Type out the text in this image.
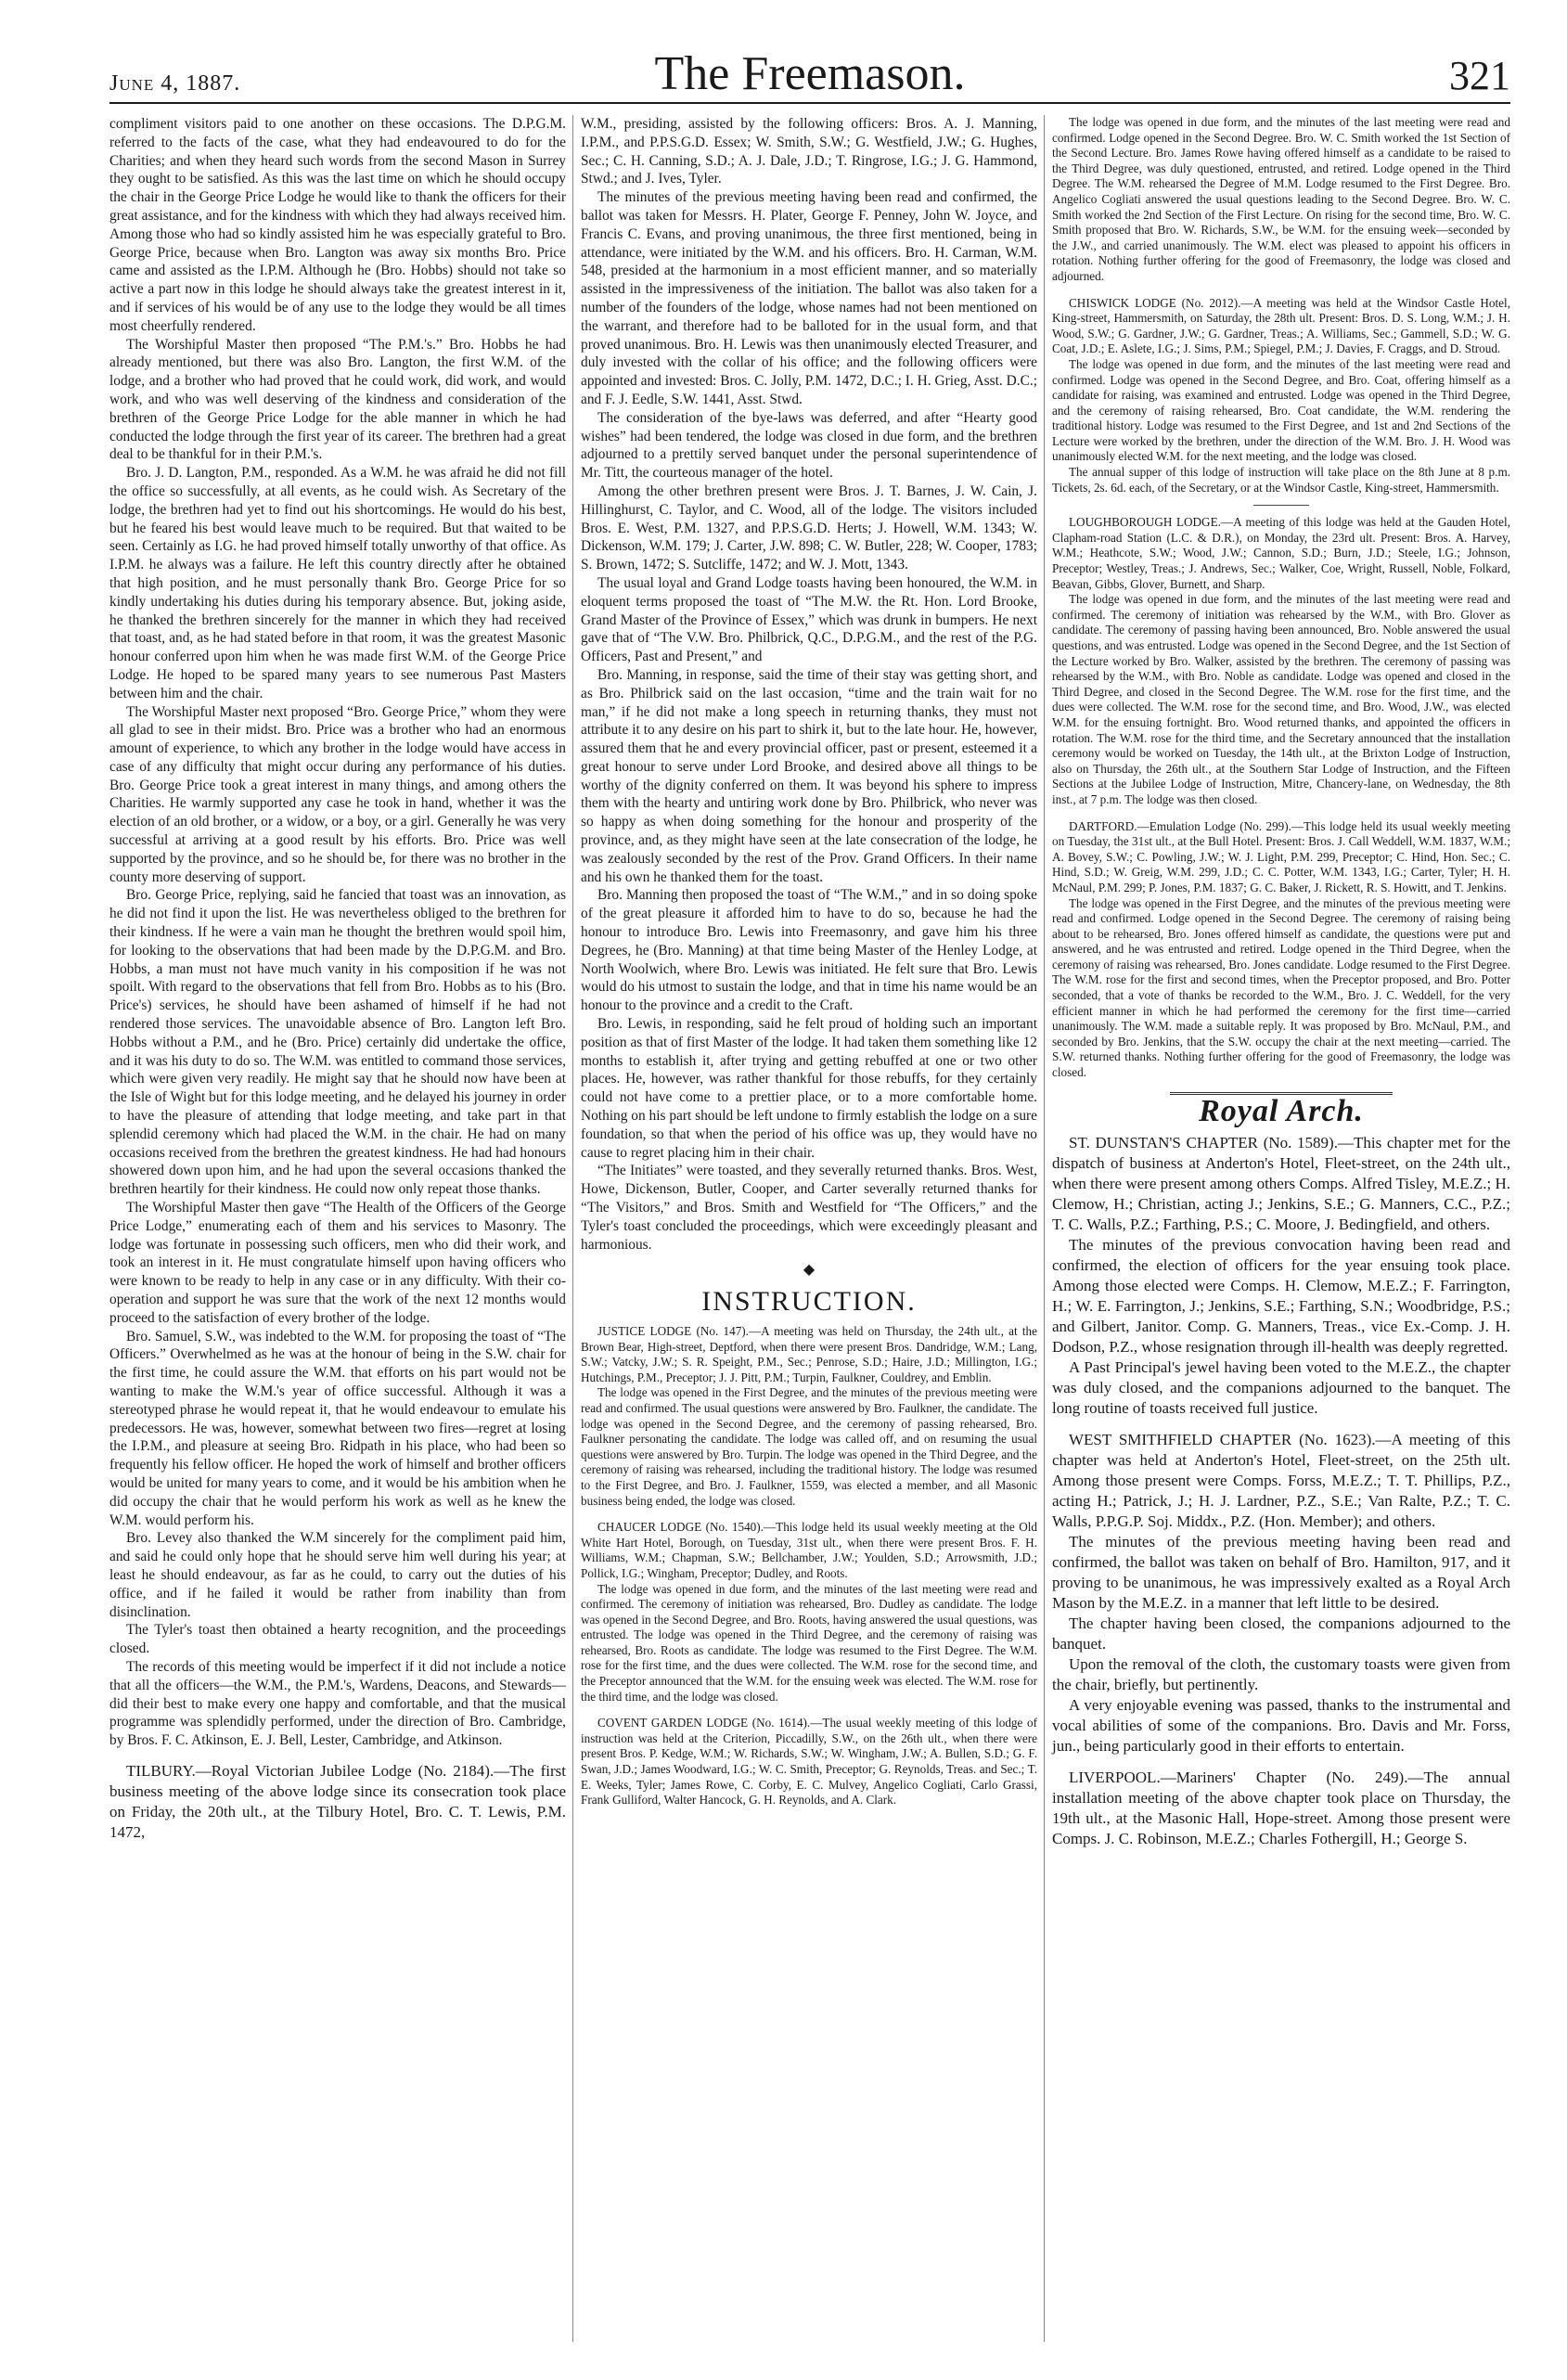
June 4, 1887.	The Freemason.	321

compliment visitors paid to one another on these occasions. The D.P.G.M. referred to the facts of the case, what they had endeavoured to do for the Charities; and when they heard such words from the second Mason in Surrey they ought to be satisfied. As this was the last time on which he should occupy the chair in the George Price Lodge he would like to thank the officers for their great assistance, and for the kindness with which they had always received him. Among those who had so kindly assisted him he was especially grateful to Bro. George Price, because when Bro. Langton was away six months Bro. Price came and assisted as the I.P.M. Although he (Bro. Hobbs) should not take so active a part now in this lodge he should always take the greatest interest in it, and if services of his would be of any use to the lodge they would be all times most cheerfully rendered.

The Worshipful Master then proposed “The P.M.'s.” Bro. Hobbs he had already mentioned, but there was also Bro. Langton, the first W.M. of the lodge, and a brother who had proved that he could work, did work, and would work, and who was well deserving of the kindness and consideration of the brethren of the George Price Lodge for the able manner in which he had conducted the lodge through the first year of its career. The brethren had a great deal to be thankful for in their P.M.'s.

Bro. J. D. Langton, P.M., responded. As a W.M. he was afraid he did not fill the office so successfully, at all events, as he could wish. As Secretary of the lodge, the brethren had yet to find out his shortcomings. He would do his best, but he feared his best would leave much to be required. But that waited to be seen. Certainly as I.G. he had proved himself totally unworthy of that office. As I.P.M. he always was a failure. He left this country directly after he obtained that high position, and he must personally thank Bro. George Price for so kindly undertaking his duties during his temporary absence. But, joking aside, he thanked the brethren sincerely for the manner in which they had received that toast, and, as he had stated before in that room, it was the greatest Masonic honour conferred upon him when he was made first W.M. of the George Price Lodge. He hoped to be spared many years to see numerous Past Masters between him and the chair.

The Worshipful Master next proposed “Bro. George Price,” whom they were all glad to see in their midst. Bro. Price was a brother who had an enormous amount of experience, to which any brother in the lodge would have access in case of any difficulty that might occur during any performance of his duties. Bro. George Price took a great interest in many things, and among others the Charities. He warmly supported any case he took in hand, whether it was the election of an old brother, or a widow, or a boy, or a girl. Generally he was very successful at arriving at a good result by his efforts. Bro. Price was well supported by the province, and so he should be, for there was no brother in the county more deserving of support.

Bro. George Price, replying, said he fancied that toast was an innovation, as he did not find it upon the list. He was nevertheless obliged to the brethren for their kindness. If he were a vain man he thought the brethren would spoil him, for looking to the observations that had been made by the D.P.G.M. and Bro. Hobbs, a man must not have much vanity in his composition if he was not spoilt. With regard to the observations that fell from Bro. Hobbs as to his (Bro. Price's) services, he should have been ashamed of himself if he had not rendered those services. The unavoidable absence of Bro. Langton left Bro. Hobbs without a P.M., and he (Bro. Price) certainly did undertake the office, and it was his duty to do so. The W.M. was entitled to command those services, which were given very readily. He might say that he should now have been at the Isle of Wight but for this lodge meeting, and he delayed his journey in order to have the pleasure of attending that lodge meeting, and take part in that splendid ceremony which had placed the W.M. in the chair. He had on many occasions received from the brethren the greatest kindness. He had had honours showered down upon him, and he had upon the several occasions thanked the brethren heartily for their kindness. He could now only repeat those thanks.

The Worshipful Master then gave “The Health of the Officers of the George Price Lodge,” enumerating each of them and his services to Masonry. The lodge was fortunate in possessing such officers, men who did their work, and took an interest in it. He must congratulate himself upon having officers who were known to be ready to help in any case or in any difficulty. With their co-operation and support he was sure that the work of the next 12 months would proceed to the satisfaction of every brother of the lodge.

Bro. Samuel, S.W., was indebted to the W.M. for proposing the toast of “The Officers.” Overwhelmed as he was at the honour of being in the S.W. chair for the first time, he could assure the W.M. that efforts on his part would not be wanting to make the W.M.'s year of office successful. Although it was a stereotyped phrase he would repeat it, that he would endeavour to emulate his predecessors. He was, however, somewhat between two fires—regret at losing the I.P.M., and pleasure at seeing Bro. Ridpath in his place, who had been so frequently his fellow officer. He hoped the work of himself and brother officers would be united for many years to come, and it would be his ambition when he did occupy the chair that he would perform his work as well as he knew the W.M. would perform his.

Bro. Levey also thanked the W.M sincerely for the compliment paid him, and said he could only hope that he should serve him well during his year; at least he should endeavour, as far as he could, to carry out the duties of his office, and if he failed it would be rather from inability than from disinclination.

The Tyler's toast then obtained a hearty recognition, and the proceedings closed.

The records of this meeting would be imperfect if it did not include a notice that all the officers—the W.M., the P.M.'s, Wardens, Deacons, and Stewards—did their best to make every one happy and comfortable, and that the musical programme was splendidly performed, under the direction of Bro. Cambridge, by Bros. F. C. Atkinson, E. J. Bell, Lester, Cambridge, and Atkinson.

TILBURY.—Royal Victorian Jubilee Lodge (No. 2184).—The first business meeting of the above lodge since its consecration took place on Friday, the 20th ult., at the Tilbury Hotel, Bro. C. T. Lewis, P.M. 1472,

W.M., presiding, assisted by the following officers: Bros. A. J. Manning, I.P.M., and P.P.S.G.D. Essex; W. Smith, S.W.; G. Westfield, J.W.; G. Hughes, Sec.; C. H. Canning, S.D.; A. J. Dale, J.D.; T. Ringrose, I.G.; J. G. Hammond, Stwd.; and J. Ives, Tyler.

The minutes of the previous meeting having been read and confirmed, the ballot was taken for Messrs. H. Plater, George F. Penney, John W. Joyce, and Francis C. Evans, and proving unanimous, the three first mentioned, being in attendance, were initiated by the W.M. and his officers. Bro. H. Carman, W.M. 548, presided at the harmonium in a most efficient manner, and so materially assisted in the impressiveness of the initiation. The ballot was also taken for a number of the founders of the lodge, whose names had not been mentioned on the warrant, and therefore had to be balloted for in the usual form, and that proved unanimous. Bro. H. Lewis was then unanimously elected Treasurer, and duly invested with the collar of his office; and the following officers were appointed and invested: Bros. C. Jolly, P.M. 1472, D.C.; I. H. Grieg, Asst. D.C.; and F. J. Eedle, S.W. 1441, Asst. Stwd.

The consideration of the bye-laws was deferred, and after “Hearty good wishes” had been tendered, the lodge was closed in due form, and the brethren adjourned to a prettily served banquet under the personal superintendence of Mr. Titt, the courteous manager of the hotel.

Among the other brethren present were Bros. J. T. Barnes, J. W. Cain, J. Hillinghurst, C. Taylor, and C. Wood, all of the lodge. The visitors included Bros. E. West, P.M. 1327, and P.P.S.G.D. Herts; J. Howell, W.M. 1343; W. Dickenson, W.M. 179; J. Carter, J.W. 898; C. W. Butler, 228; W. Cooper, 1783; S. Brown, 1472; S. Sutcliffe, 1472; and W. J. Mott, 1343.

The usual loyal and Grand Lodge toasts having been honoured, the W.M. in eloquent terms proposed the toast of “The M.W. the Rt. Hon. Lord Brooke, Grand Master of the Province of Essex,” which was drunk in bumpers. He next gave that of “The V.W. Bro. Philbrick, Q.C., D.P.G.M., and the rest of the P.G. Officers, Past and Present,” and

Bro. Manning, in response, said the time of their stay was getting short, and as Bro. Philbrick said on the last occasion, “time and the train wait for no man,” if he did not make a long speech in returning thanks, they must not attribute it to any desire on his part to shirk it, but to the late hour. He, however, assured them that he and every provincial officer, past or present, esteemed it a great honour to serve under Lord Brooke, and desired above all things to be worthy of the dignity conferred on them. It was beyond his sphere to impress them with the hearty and untiring work done by Bro. Philbrick, who never was so happy as when doing something for the honour and prosperity of the province, and, as they might have seen at the late consecration of the lodge, he was zealously seconded by the rest of the Prov. Grand Officers. In their name and his own he thanked them for the toast.

Bro. Manning then proposed the toast of “The W.M.,” and in so doing spoke of the great pleasure it afforded him to have to do so, because he had the honour to introduce Bro. Lewis into Freemasonry, and gave him his three Degrees, he (Bro. Manning) at that time being Master of the Henley Lodge, at North Woolwich, where Bro. Lewis was initiated. He felt sure that Bro. Lewis would do his utmost to sustain the lodge, and that in time his name would be an honour to the province and a credit to the Craft.

Bro. Lewis, in responding, said he felt proud of holding such an important position as that of first Master of the lodge. It had taken them something like 12 months to establish it, after trying and getting rebuffed at one or two other places. He, however, was rather thankful for those rebuffs, for they certainly could not have come to a prettier place, or to a more comfortable home. Nothing on his part should be left undone to firmly establish the lodge on a sure foundation, so that when the period of his office was up, they would have no cause to regret placing him in their chair.

“The Initiates” were toasted, and they severally returned thanks. Bros. West, Howe, Dickenson, Butler, Cooper, and Carter severally returned thanks for “The Visitors,” and Bros. Smith and Westfield for “The Officers,” and the Tyler's toast concluded the proceedings, which were exceedingly pleasant and harmonious.

◆
INSTRUCTION.

JUSTICE LODGE (No. 147).—A meeting was held on Thursday, the 24th ult., at the Brown Bear, High-street, Deptford, when there were present Bros. Dandridge, W.M.; Lang, S.W.; Vatcky, J.W.; S. R. Speight, P.M., Sec.; Penrose, S.D.; Haire, J.D.; Millington, I.G.; Hutchings, P.M., Preceptor; J. J. Pitt, P.M.; Turpin, Faulkner, Couldrey, and Emblin.

The lodge was opened in the First Degree, and the minutes of the previous meeting were read and confirmed. The usual questions were answered by Bro. Faulkner, the candidate. The lodge was opened in the Second Degree, and the ceremony of passing rehearsed, Bro. Faulkner personating the candidate. The lodge was called off, and on resuming the usual questions were answered by Bro. Turpin. The lodge was opened in the Third Degree, and the ceremony of raising was rehearsed, including the traditional history. The lodge was resumed to the First Degree, and Bro. J. Faulkner, 1559, was elected a member, and all Masonic business being ended, the lodge was closed.

CHAUCER LODGE (No. 1540).—This lodge held its usual weekly meeting at the Old White Hart Hotel, Borough, on Tuesday, 31st ult., when there were present Bros. F. H. Williams, W.M.; Chapman, S.W.; Bellchamber, J.W.; Youlden, S.D.; Arrowsmith, J.D.; Pollick, I.G.; Wingham, Preceptor; Dudley, and Roots.

The lodge was opened in due form, and the minutes of the last meeting were read and confirmed. The ceremony of initiation was rehearsed, Bro. Dudley as candidate. The lodge was opened in the Second Degree, and Bro. Roots, having answered the usual questions, was entrusted. The lodge was opened in the Third Degree, and the ceremony of raising was rehearsed, Bro. Roots as candidate. The lodge was resumed to the First Degree. The W.M. rose for the first time, and the dues were collected. The W.M. rose for the second time, and the Preceptor announced that the W.M. for the ensuing week was elected. The W.M. rose for the third time, and the lodge was closed.

COVENT GARDEN LODGE (No. 1614).—The usual weekly meeting of this lodge of instruction was held at the Criterion, Piccadilly, S.W., on the 26th ult., when there were present Bros. P. Kedge, W.M.; W. Richards, S.W.; W. Wingham, J.W.; A. Bullen, S.D.; G. F. Swan, J.D.; James Woodward, I.G.; W. C. Smith, Preceptor; G. Reynolds, Treas. and Sec.; T. E. Weeks, Tyler; James Rowe, C. Corby, E. C. Mulvey, Angelico Cogliati, Carlo Grassi, Frank Gulliford, Walter Hancock, G. H. Reynolds, and A. Clark.

The lodge was opened in due form, and the minutes of the last meeting were read and confirmed. Lodge opened in the Second Degree. Bro. W. C. Smith worked the 1st Section of the Second Lecture. Bro. James Rowe having offered himself as a candidate to be raised to the Third Degree, was duly questioned, entrusted, and retired. Lodge opened in the Third Degree. The W.M. rehearsed the Degree of M.M. Lodge resumed to the First Degree. Bro. Angelico Cogliati answered the usual questions leading to the Second Degree. Bro. W. C. Smith worked the 2nd Section of the First Lecture. On rising for the second time, Bro. W. C. Smith proposed that Bro. W. Richards, S.W., be W.M. for the ensuing week—seconded by the J.W., and carried unanimously. The W.M. elect was pleased to appoint his officers in rotation. Nothing further offering for the good of Freemasonry, the lodge was closed and adjourned.

CHISWICK LODGE (No. 2012).—A meeting was held at the Windsor Castle Hotel, King-street, Hammersmith, on Saturday, the 28th ult. Present: Bros. D. S. Long, W.M.; J. H. Wood, S.W.; G. Gardner, J.W.; G. Gardner, Treas.; A. Williams, Sec.; Gammell, S.D.; W. G. Coat, J.D.; E. Aslete, I.G.; J. Sims, P.M.; Spiegel, P.M.; J. Davies, F. Craggs, and D. Stroud.

The lodge was opened in due form, and the minutes of the last meeting were read and confirmed. Lodge was opened in the Second Degree, and Bro. Coat, offering himself as a candidate for raising, was examined and entrusted. Lodge was opened in the Third Degree, and the ceremony of raising rehearsed, Bro. Coat candidate, the W.M. rendering the traditional history. Lodge was resumed to the First Degree, and 1st and 2nd Sections of the Lecture were worked by the brethren, under the direction of the W.M. Bro. J. H. Wood was unanimously elected W.M. for the next meeting, and the lodge was closed.

The annual supper of this lodge of instruction will take place on the 8th June at 8 p.m. Tickets, 2s. 6d. each, of the Secretary, or at the Windsor Castle, King-street, Hammersmith.

LOUGHBOROUGH LODGE.—A meeting of this lodge was held at the Gauden Hotel, Clapham-road Station (L.C. & D.R.), on Monday, the 23rd ult. Present: Bros. A. Harvey, W.M.; Heathcote, S.W.; Wood, J.W.; Cannon, S.D.; Burn, J.D.; Steele, I.G.; Johnson, Preceptor; Westley, Treas.; J. Andrews, Sec.; Walker, Coe, Wright, Russell, Noble, Folkard, Beavan, Gibbs, Glover, Burnett, and Sharp.

The lodge was opened in due form, and the minutes of the last meeting were read and confirmed. The ceremony of initiation was rehearsed by the W.M., with Bro. Glover as candidate. The ceremony of passing having been announced, Bro. Noble answered the usual questions, and was entrusted. Lodge was opened in the Second Degree, and the 1st Section of the Lecture worked by Bro. Walker, assisted by the brethren. The ceremony of passing was rehearsed by the W.M., with Bro. Noble as candidate. Lodge was opened and closed in the Third Degree, and closed in the Second Degree. The W.M. rose for the first time, and the dues were collected. The W.M. rose for the second time, and Bro. Wood, J.W., was elected W.M. for the ensuing fortnight. Bro. Wood returned thanks, and appointed the officers in rotation. The W.M. rose for the third time, and the Secretary announced that the installation ceremony would be worked on Tuesday, the 14th ult., at the Brixton Lodge of Instruction, also on Thursday, the 26th ult., at the Southern Star Lodge of Instruction, and the Fifteen Sections at the Jubilee Lodge of Instruction, Mitre, Chancery-lane, on Wednesday, the 8th inst., at 7 p.m. The lodge was then closed.

DARTFORD.—Emulation Lodge (No. 299).—This lodge held its usual weekly meeting on Tuesday, the 31st ult., at the Bull Hotel. Present: Bros. J. Call Weddell, W.M. 1837, W.M.; A. Bovey, S.W.; C. Powling, J.W.; W. J. Light, P.M. 299, Preceptor; C. Hind, Hon. Sec.; C. Hind, S.D.; W. Greig, W.M. 299, J.D.; C. C. Potter, W.M. 1343, I.G.; Carter, Tyler; H. H. McNaul, P.M. 299; P. Jones, P.M. 1837; G. C. Baker, J. Rickett, R. S. Howitt, and T. Jenkins.

The lodge was opened in the First Degree, and the minutes of the previous meeting were read and confirmed. Lodge opened in the Second Degree. The ceremony of raising being about to be rehearsed, Bro. Jones offered himself as candidate, the questions were put and answered, and he was entrusted and retired. Lodge opened in the Third Degree, when the ceremony of raising was rehearsed, Bro. Jones candidate. Lodge resumed to the First Degree. The W.M. rose for the first and second times, when the Preceptor proposed, and Bro. Potter seconded, that a vote of thanks be recorded to the W.M., Bro. J. C. Weddell, for the very efficient manner in which he had performed the ceremony for the first time—carried unanimously. The W.M. made a suitable reply. It was proposed by Bro. McNaul, P.M., and seconded by Bro. Jenkins, that the S.W. occupy the chair at the next meeting—carried. The S.W. returned thanks. Nothing further offering for the good of Freemasonry, the lodge was closed.

Royal Arch.

ST. DUNSTAN'S CHAPTER (No. 1589).—This chapter met for the dispatch of business at Anderton's Hotel, Fleet-street, on the 24th ult., when there were present among others Comps. Alfred Tisley, M.E.Z.; H. Clemow, H.; Christian, acting J.; Jenkins, S.E.; G. Manners, C.C., P.Z.; T. C. Walls, P.Z.; Farthing, P.S.; C. Moore, J. Bedingfield, and others.

The minutes of the previous convocation having been read and confirmed, the election of officers for the year ensuing took place. Among those elected were Comps. H. Clemow, M.E.Z.; F. Farrington, H.; W. E. Farrington, J.; Jenkins, S.E.; Farthing, S.N.; Woodbridge, P.S.; and Gilbert, Janitor. Comp. G. Manners, Treas., vice Ex.-Comp. J. H. Dodson, P.Z., whose resignation through ill-health was deeply regretted.

A Past Principal's jewel having been voted to the M.E.Z., the chapter was duly closed, and the companions adjourned to the banquet. The long routine of toasts received full justice.

WEST SMITHFIELD CHAPTER (No. 1623).—A meeting of this chapter was held at Anderton's Hotel, Fleet-street, on the 25th ult. Among those present were Comps. Forss, M.E.Z.; T. T. Phillips, P.Z., acting H.; Patrick, J.; H. J. Lardner, P.Z., S.E.; Van Ralte, P.Z.; T. C. Walls, P.P.G.P. Soj. Middx., P.Z. (Hon. Member); and others.

The minutes of the previous meeting having been read and confirmed, the ballot was taken on behalf of Bro. Hamilton, 917, and it proving to be unanimous, he was impressively exalted as a Royal Arch Mason by the M.E.Z. in a manner that left little to be desired.

The chapter having been closed, the companions adjourned to the banquet.

Upon the removal of the cloth, the customary toasts were given from the chair, briefly, but pertinently.

A very enjoyable evening was passed, thanks to the instrumental and vocal abilities of some of the companions. Bro. Davis and Mr. Forss, jun., being particularly good in their efforts to entertain.

LIVERPOOL.—Mariners' Chapter (No. 249).—The annual installation meeting of the above chapter took place on Thursday, the 19th ult., at the Masonic Hall, Hope-street. Among those present were Comps. J. C. Robinson, M.E.Z.; Charles Fothergill, H.; George S.
